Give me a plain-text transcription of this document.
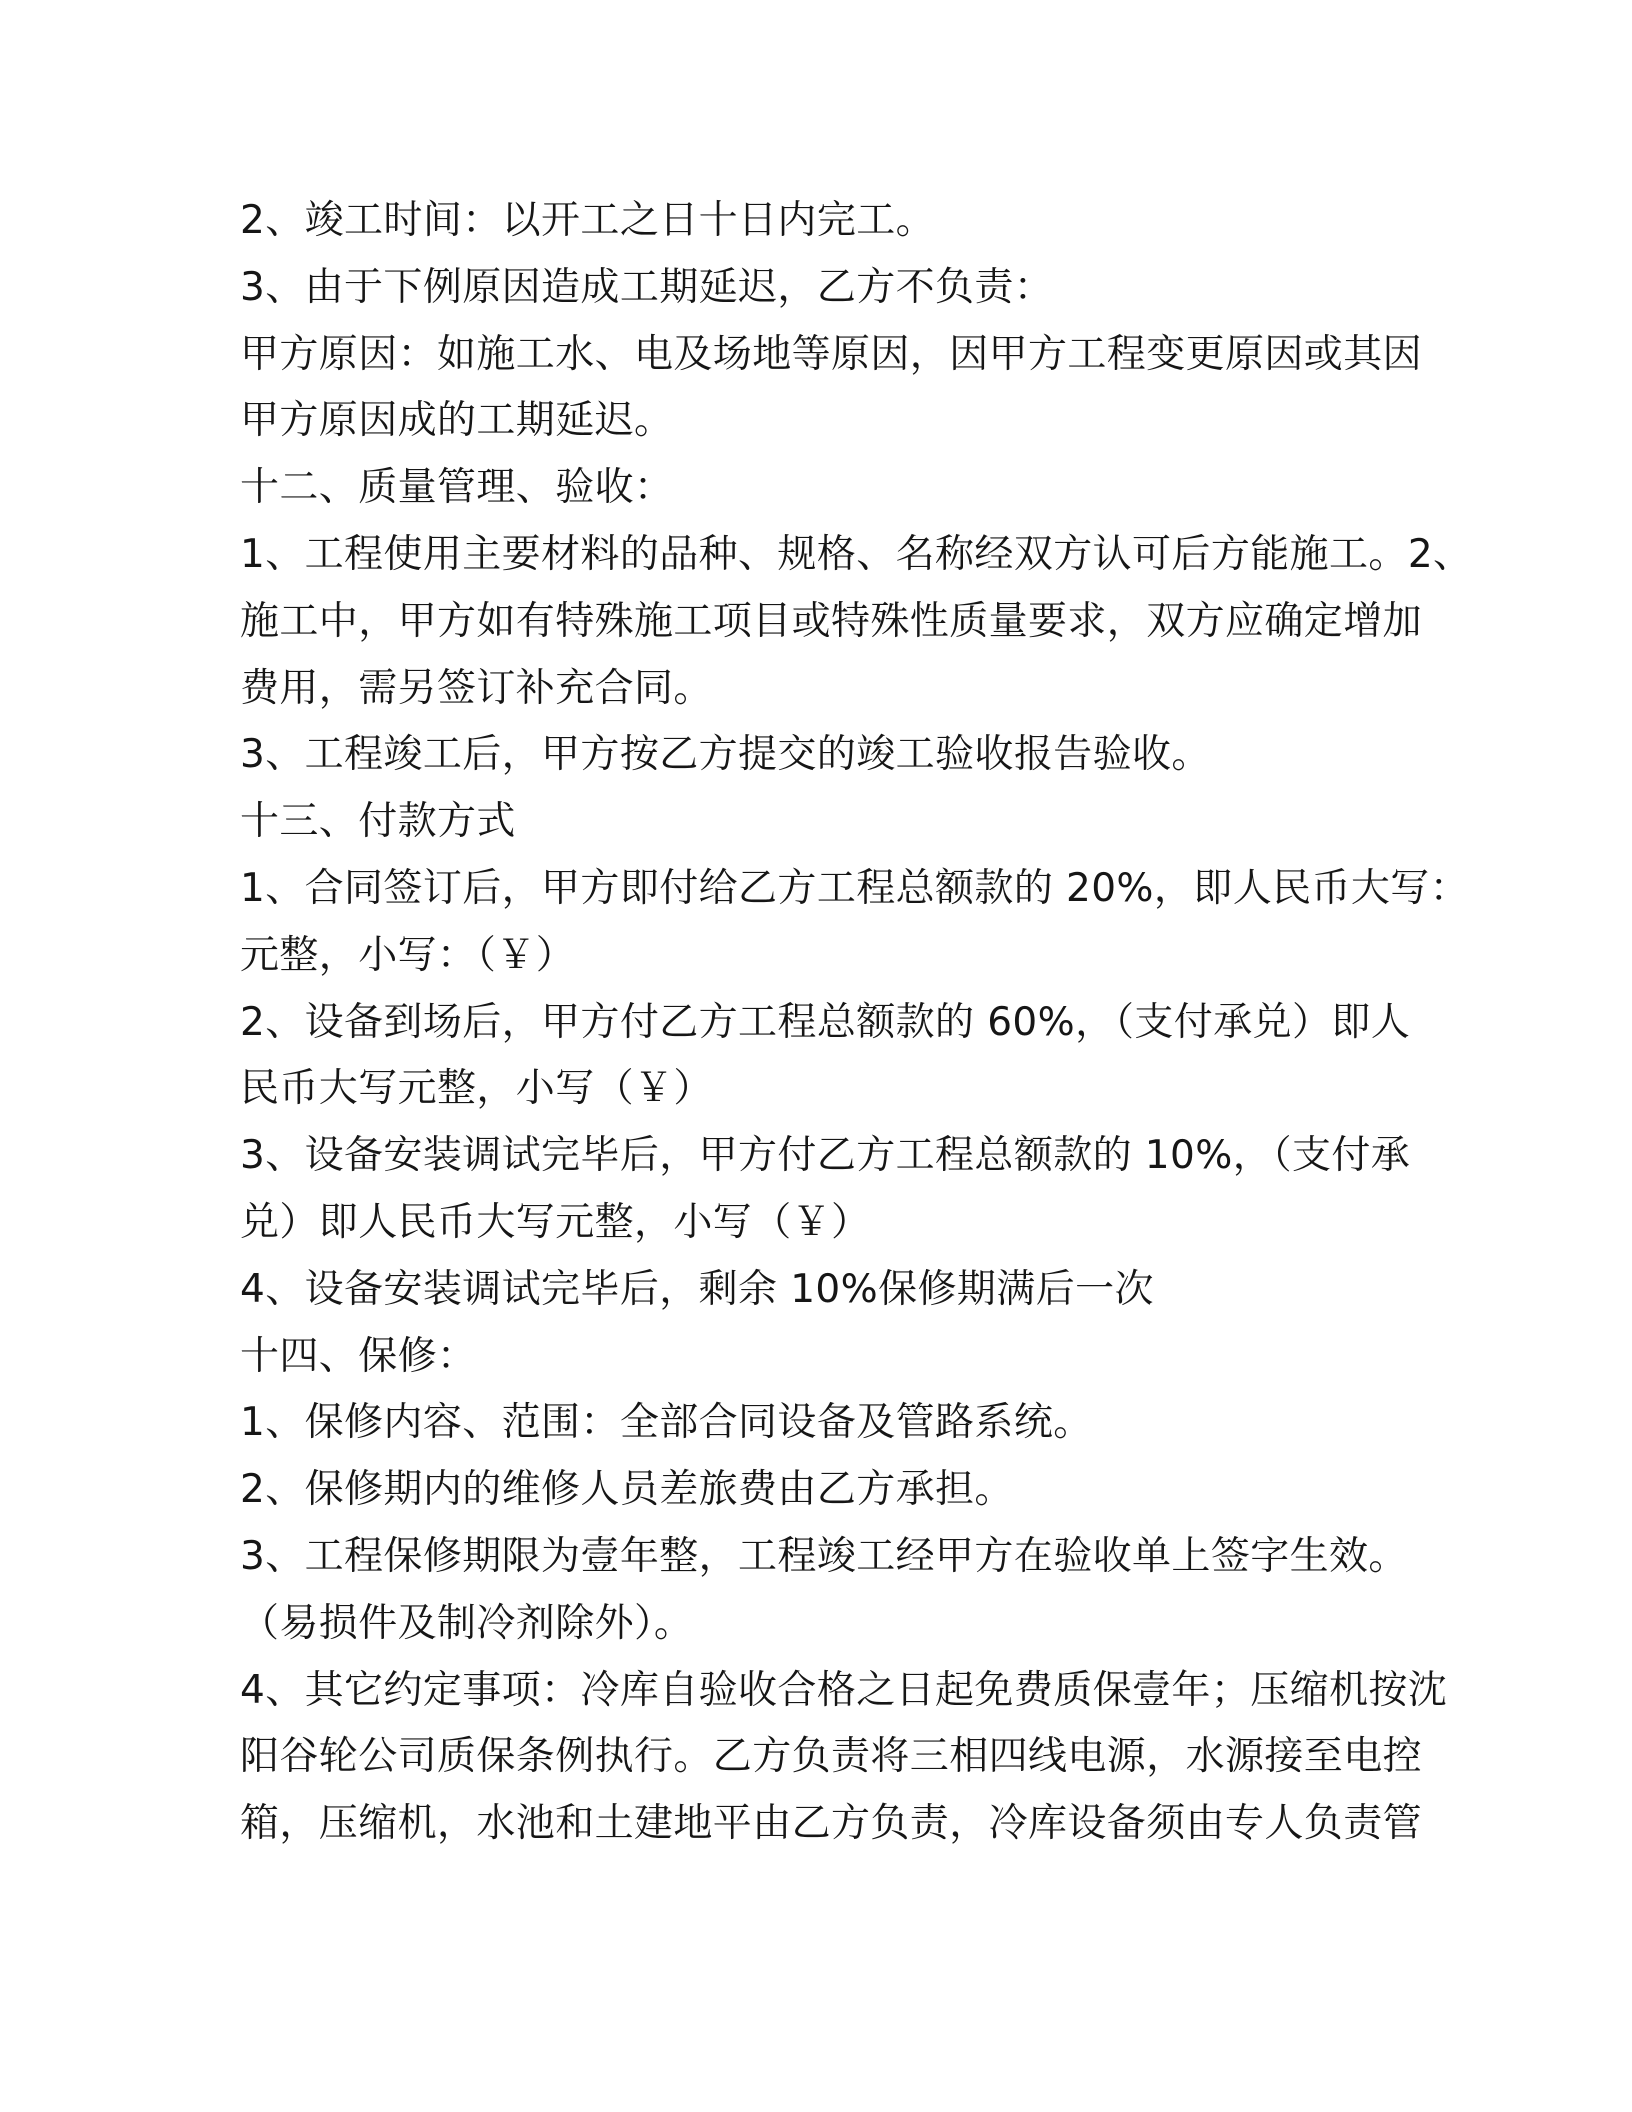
2、竣工时间：以开工之日十日内完工。
3、由于下例原因造成工期延迟，乙方不负责：
甲方原因：如施工水、电及场地等原因，因甲方工程变更原因或其因
甲方原因成的工期延迟。
十二、质量管理、验收：
1、工程使用主要材料的品种、规格、名称经双方认可后方能施工。2、
施工中，甲方如有特殊施工项目或特殊性质量要求，双方应确定增加
费用，需另签订补充合同。
3、工程竣工后，甲方按乙方提交的竣工验收报告验收。
十三、付款方式
1、合同签订后，甲方即付给乙方工程总额款的 20%，即人民币大写：
元整，小写：（￥）
2、设备到场后，甲方付乙方工程总额款的 60%，（支付承兑）即人
民币大写元整，小写（￥）
3、设备安装调试完毕后，甲方付乙方工程总额款的 10%，（支付承
兑）即人民币大写元整，小写（￥）
4、设备安装调试完毕后，剩余 10%保修期满后一次
十四、保修：
1、保修内容、范围：全部合同设备及管路系统。
2、保修期内的维修人员差旅费由乙方承担。
3、工程保修期限为壹年整，工程竣工经甲方在验收单上签字生效。
（易损件及制冷剂除外）。
4、其它约定事项：冷库自验收合格之日起免费质保壹年；压缩机按沈
阳谷轮公司质保条例执行。乙方负责将三相四线电源，水源接至电控
箱，压缩机，水池和土建地平由乙方负责，冷库设备须由专人负责管
